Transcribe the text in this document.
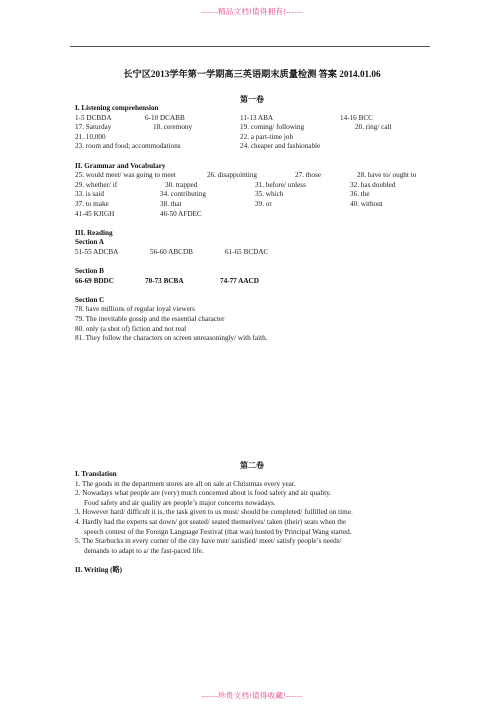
------精品文档!值得拥有!------
长宁区2013学年第一学期高三英语期末质量检测 答案 2014.01.06
第一卷
I. Listening comprehension
1-5 DCBDA	6-10 DCABB	11-13 ABA	14-16 BCC
17. Saturday	18. ceremony	19. coming/ following	20. ring/ call
21. 10,000	22. a part-time job
23. room and food; accommodations	24. cheaper and fashionable
II. Grammar and Vocabulary
25. would meet/ was going to meet	26. disappointing	27. those	28. have to/ ought to
29. whether/ if	30. trapped	31. before/ unless	32. has doubled
33. is said	34. contributing	35. which	36. the
37. to make	38. that	39. or	40. without
41-45 KJIGH	46-50 AFDEC
III. Reading
Section A
51-55 ADCBA	56-60 ABCDB	61-65 BCDAC
Section B
66-69 BDDC	70-73 BCBA	74-77 AACD
Section C
78. have millions of regular loyal viewers
79. The inevitable gossip and the essential character
80. only (a shot of) fiction and not real
81. They follow the characters on screen unreasoningly/ with faith.
第二卷
I. Translation
1. The goods in the department stores are all on sale at Christmas every year.
2. Nowadays what people are (very) much concerned about is food safety and air quality.
Food safety and air quality are people’s major concerns nowadays.
3. However hard/ difficult it is, the task given to us must/ should be completed/ fulfilled on time.
4. Hardly had the experts sat down/ got seated/ seated themselves/ taken (their) seats when the
speech contest of the Foreign Language Festival (that was) hosted by Principal Wang started.
5. The Starbucks in every corner of the city have met/ satisfied/ meet/ satisfy people’s needs/
demands to adapt to a/ the fast-paced life.
II. Writing (略)
------珍贵文档!值得收藏!------
